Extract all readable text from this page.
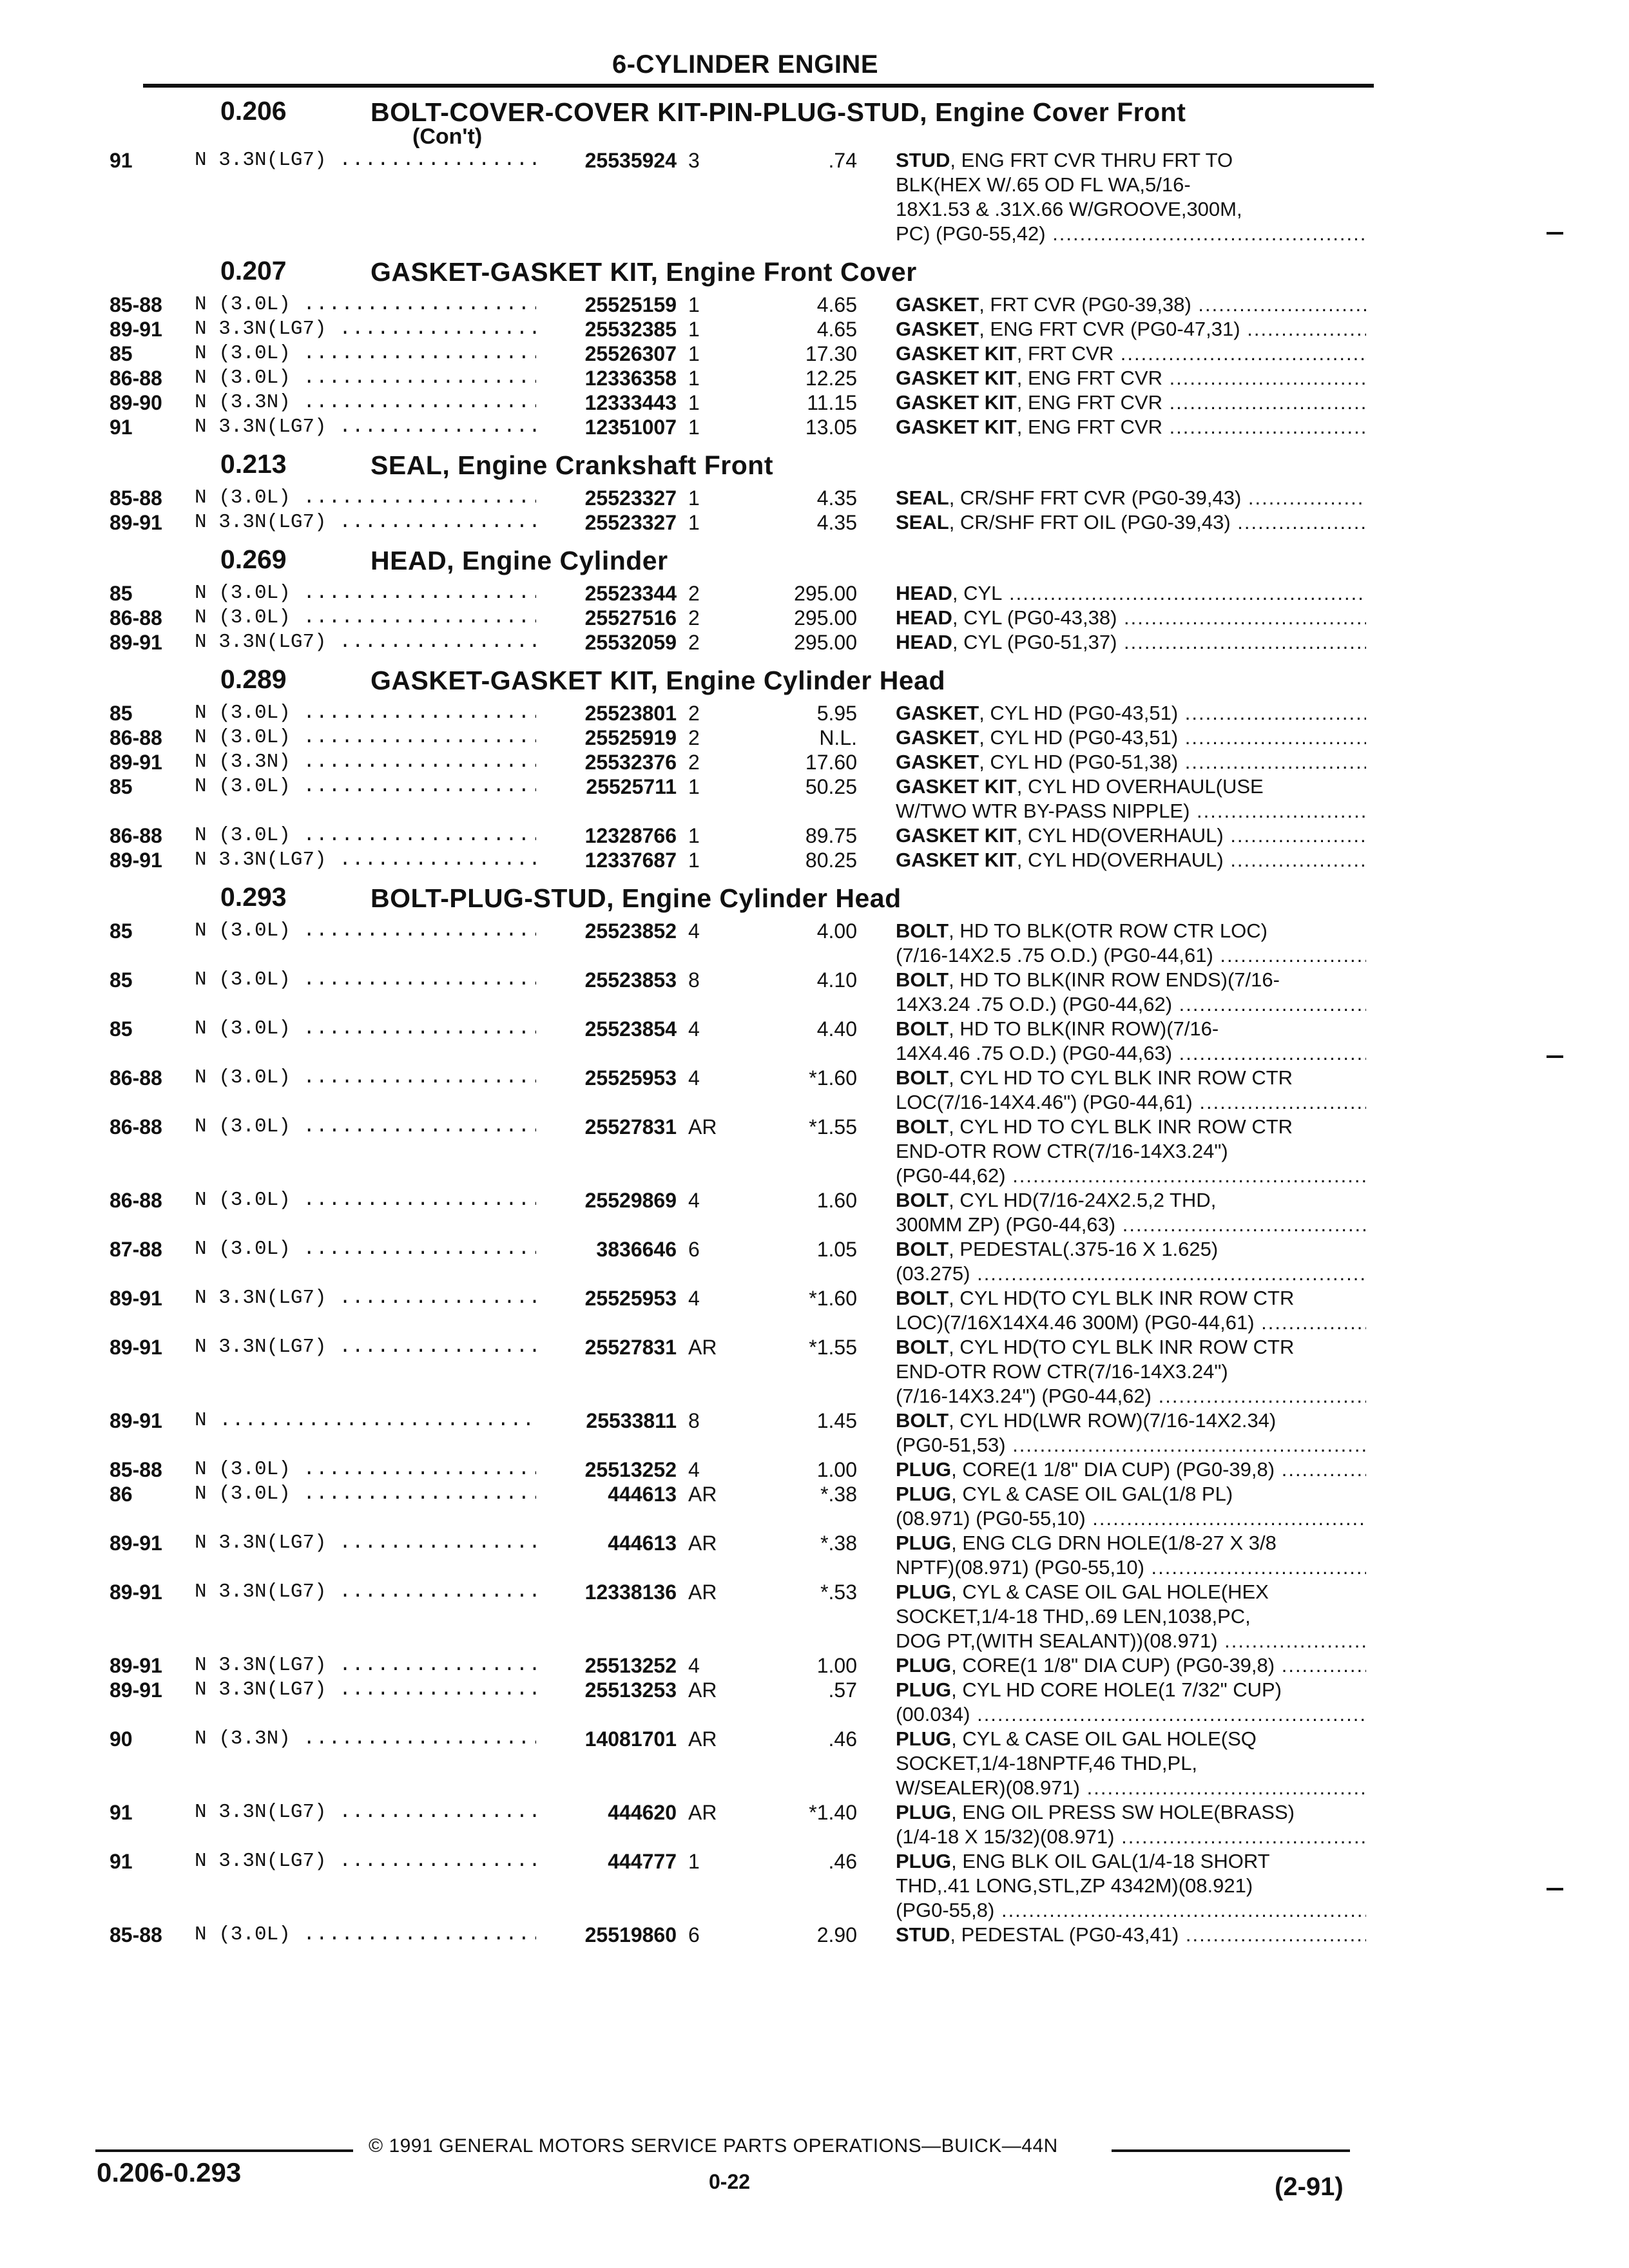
6-CYLINDER ENGINE
0.206	BOLT-COVER-COVER KIT-PIN-PLUG-STUD, Engine Cover Front
(Con't)
91	N 3.3N(LG7) .....	25535924 3	.74 STUD, ENG FRT CVR THRU FRT TO
BLK(HEX W/.65 OD FL WA,5/16-
18X1.53 & .31X.66 W/GROOVE,300M,
PC) (PG0-55,42) .....
0.207	GASKET-GASKET KIT, Engine Front Cover
85-88 N (3.0L) .....	25525159 1	4.65 GASKET, FRT CVR (PG0-39,38) .....
89-91 N 3.3N(LG7) .....	25532385 1	4.65 GASKET, ENG FRT CVR (PG0-47,31) .....
85	N (3.0L) .....	25526307 1	17.30 GASKET KIT, FRT CVR .....
86-88 N (3.0L) .....	12336358 1	12.25 GASKET KIT, ENG FRT CVR .....
89-90 N (3.3N) .....	12333443 1	11.15 GASKET KIT, ENG FRT CVR .....
91	N 3.3N(LG7) .....	12351007 1	13.05 GASKET KIT, ENG FRT CVR .....
0.213	SEAL, Engine Crankshaft Front
85-88 N (3.0L) .....	25523327 1	4.35 SEAL, CR/SHF FRT CVR (PG0-39,43) .....
89-91 N 3.3N(LG7) .....	25523327 1	4.35 SEAL, CR/SHF FRT OIL (PG0-39,43) .....
0.269	HEAD, Engine Cylinder
85	N (3.0L) .....	25523344 2	295.00 HEAD, CYL .....
86-88 N (3.0L) .....	25527516 2	295.00 HEAD, CYL (PG0-43,38) .....
89-91 N 3.3N(LG7) .....	25532059 2	295.00 HEAD, CYL (PG0-51,37) .....
0.289	GASKET-GASKET KIT, Engine Cylinder Head
85	N (3.0L) .....	25523801 2	5.95 GASKET, CYL HD (PG0-43,51) .....
86-88 N (3.0L) .....	25525919 2	N.L. GASKET, CYL HD (PG0-43,51) .....
89-91 N (3.3N) .....	25532376 2	17.60 GASKET, CYL HD (PG0-51,38) .....
85	N (3.0L) .....	25525711 1	50.25 GASKET KIT, CYL HD OVERHAUL(USE
W/TWO WTR BY-PASS NIPPLE) .....
86-88 N (3.0L) .....	12328766 1	89.75 GASKET KIT, CYL HD(OVERHAUL) .....
89-91 N 3.3N(LG7) .....	12337687 1	80.25 GASKET KIT, CYL HD(OVERHAUL) .....
0.293	BOLT-PLUG-STUD, Engine Cylinder Head
85	N (3.0L) .....	25523852 4	4.00 BOLT, HD TO BLK(OTR ROW CTR LOC)
(7/16-14X2.5 .75 O.D.) (PG0-44,61) .....
85	N (3.0L) .....	25523853 8	4.10 BOLT, HD TO BLK(INR ROW ENDS)(7/16-
14X3.24 .75 O.D.) (PG0-44,62) .....
85	N (3.0L) .....	25523854 4	4.40 BOLT, HD TO BLK(INR ROW)(7/16-
14X4.46 .75 O.D.) (PG0-44,63) .....
86-88 N (3.0L) .....	25525953 4	*1.60 BOLT, CYL HD TO CYL BLK INR ROW CTR
LOC(7/16-14X4.46") (PG0-44,61) .....
86-88 N (3.0L) .....	25527831 AR	*1.55 BOLT, CYL HD TO CYL BLK INR ROW CTR
END-OTR ROW CTR(7/16-14X3.24")
(PG0-44,62) .....
86-88 N (3.0L) .....	25529869 4	1.60 BOLT, CYL HD(7/16-24X2.5,2 THD,
300MM ZP) (PG0-44,63) .....
87-88 N (3.0L) .....	3836646 6	1.05 BOLT, PEDESTAL(.375-16 X 1.625)
(03.275) .....
89-91 N 3.3N(LG7) .....	25525953 4	*1.60 BOLT, CYL HD(TO CYL BLK INR ROW CTR
LOC)(7/16X14X4.46 300M) (PG0-44,61) .....
89-91 N 3.3N(LG7) .....	25527831 AR	*1.55 BOLT, CYL HD(TO CYL BLK INR ROW CTR
END-OTR ROW CTR(7/16-14X3.24")
(7/16-14X3.24") (PG0-44,62) .....
89-91 N .....	25533811 8	1.45 BOLT, CYL HD(LWR ROW)(7/16-14X2.34)
(PG0-51,53) .....
85-88 N (3.0L) .....	25513252 4	1.00 PLUG, CORE(1 1/8" DIA CUP) (PG0-39,8) .....
86	N (3.0L) .....	444613 AR	*.38 PLUG, CYL & CASE OIL GAL(1/8 PL)
(08.971) (PG0-55,10) .....
89-91 N 3.3N(LG7) .....	444613 AR	*.38 PLUG, ENG CLG DRN HOLE(1/8-27 X 3/8
NPTF)(08.971) (PG0-55,10) .....
89-91 N 3.3N(LG7) .....	12338136 AR	*.53 PLUG, CYL & CASE OIL GAL HOLE(HEX
SOCKET,1/4-18 THD,.69 LEN,1038,PC,
DOG PT,(WITH SEALANT))(08.971) .....
89-91 N 3.3N(LG7) .....	25513252 4	1.00 PLUG, CORE(1 1/8" DIA CUP) (PG0-39,8) .....
89-91 N 3.3N(LG7) .....	25513253 AR	.57 PLUG, CYL HD CORE HOLE(1 7/32" CUP)
(00.034) .....
90	N (3.3N) .....	14081701 AR	.46 PLUG, CYL & CASE OIL GAL HOLE(SQ
SOCKET,1/4-18NPTF,46 THD,PL,
W/SEALER)(08.971) .....
91	N 3.3N(LG7) .....	444620 AR	*1.40 PLUG, ENG OIL PRESS SW HOLE(BRASS)
(1/4-18 X 15/32)(08.971) .....
91	N 3.3N(LG7) .....	444777 1	.46 PLUG, ENG BLK OIL GAL(1/4-18 SHORT
THD,.41 LONG,STL,ZP 4342M)(08.921)
(PG0-55,8) .....
85-88 N (3.0L) .....	25519860 6	2.90 STUD, PEDESTAL (PG0-43,41) .....
© 1991 GENERAL MOTORS SERVICE PARTS OPERATIONS—BUICK—44N
0.206-0.293	0-22	(2-91)
